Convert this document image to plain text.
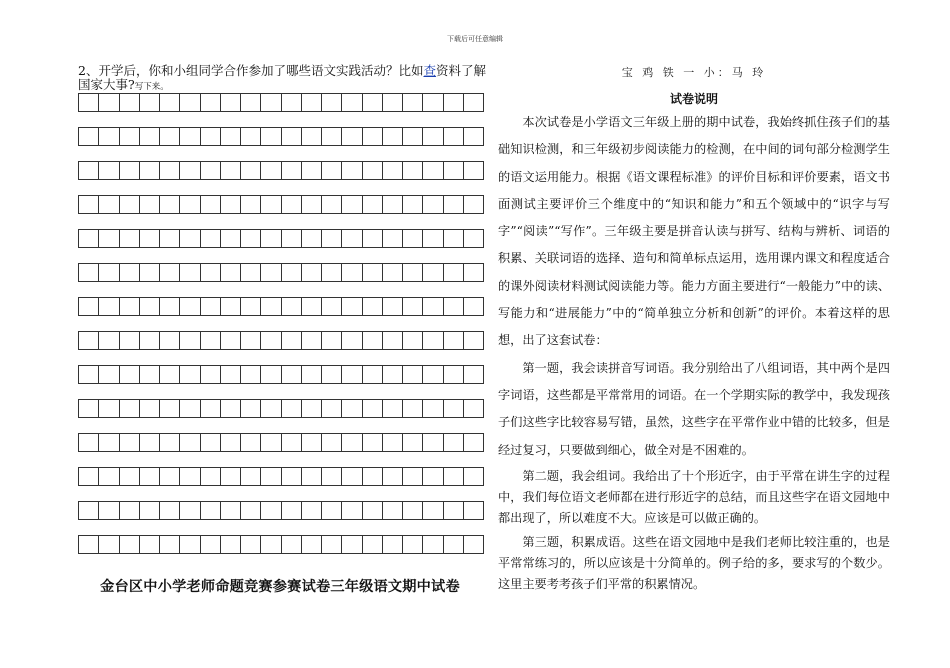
下载后可任意编辑

2、开学后，你和小组同学合作参加了哪些语文实践活动？比如查资料了解国家大事?写下来。

金台区中小学老师命题竞赛参赛试卷三年级语文期中试卷

宝 鸡 铁 一 小：马 玲

试卷说明

本次试卷是小学语文三年级上册的期中试卷，我始终抓住孩子们的基础知识检测，和三年级初步阅读能力的检测，在中间的词句部分检测学生的语文运用能力。根据《语文课程标准》的评价目标和评价要素，语文书面测试主要评价三个维度中的“知识和能力”和五个领域中的“识字与写字”“阅读”“写作”。三年级主要是拼音认读与拼写、结构与辨析、词语的积累、关联词语的选择、造句和简单标点运用，选用课内课文和程度适合的课外阅读材料测试阅读能力等。能力方面主要进行“一般能力”中的读、写能力和“进展能力”中的“简单独立分析和创新”的评价。本着这样的思想，出了这套试卷：

第一题，我会读拼音写词语。我分别给出了八组词语，其中两个是四字词语，这些都是平常常用的词语。在一个学期实际的教学中，我发现孩子们这些字比较容易写错，虽然，这些字在平常作业中错的比较多，但是经过复习，只要做到细心，做全对是不困难的。

第二题，我会组词。我给出了十个形近字，由于平常在讲生字的过程中，我们每位语文老师都在进行形近字的总结，而且这些字在语文园地中都出现了，所以难度不大。应该是可以做正确的。

第三题，积累成语。这些在语文园地中是我们老师比较注重的，也是平常常练习的，所以应该是十分简单的。例子给的多，要求写的个数少。这里主要考考孩子们平常的积累情况。
